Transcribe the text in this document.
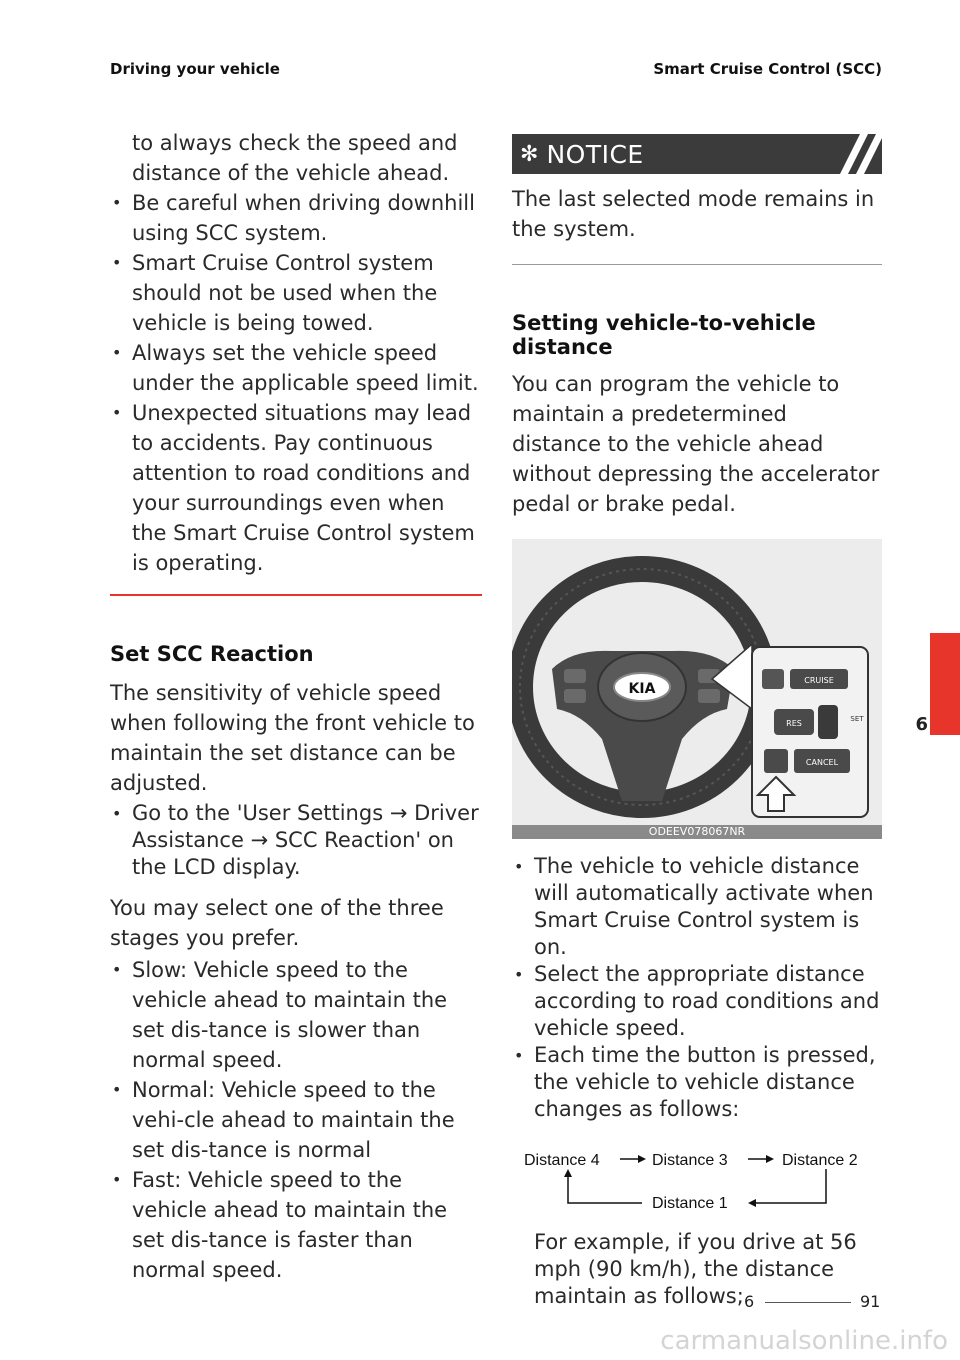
Driving your vehicle	Smart Cruise Control (SCC)
to always check the speed and
distance of the vehicle ahead.
• Be careful when driving downhill using SCC system.
• Smart Cruise Control system should not be used when the vehicle is being towed.
• Always set the vehicle speed under the applicable speed limit.
• Unexpected situations may lead to accidents. Pay continuous attention to road conditions and your surroundings even when the Smart Cruise Control system is operating.
Set SCC Reaction

The sensitivity of vehicle speed when following the front vehicle to maintain the set distance can be adjusted.

• Go to the 'User Settings → Driver Assistance → SCC Reaction' on the LCD display.

You may select one of the three stages you prefer.

• Slow: Vehicle speed to the vehicle ahead to maintain the set dis-tance is slower than normal speed.
• Normal: Vehicle speed to the vehi-cle ahead to maintain the set dis-tance is normal
• Fast: Vehicle speed to the vehicle ahead to maintain the set dis-tance is faster than normal speed.
✻ NOTICE

The last selected mode remains in the system.

Setting vehicle-to-vehicle distance

You can program the vehicle to maintain a predetermined distance to the vehicle ahead without depressing the accelerator pedal or brake pedal.

KIA
CRUISE
RES	SET
CANCEL
ODEEV078067NR
• The vehicle to vehicle distance will automatically activate when Smart Cruise Control system is on.
• Select the appropriate distance according to road conditions and vehicle speed.
• Each time the button is pressed, the vehicle to vehicle distance changes as follows:
Distance 4	Distance 3	Distance 2
Distance 1

For example, if you drive at 56 mph (90 km/h), the distance maintain as follows;

6
6	91
carmanualsonline.info
